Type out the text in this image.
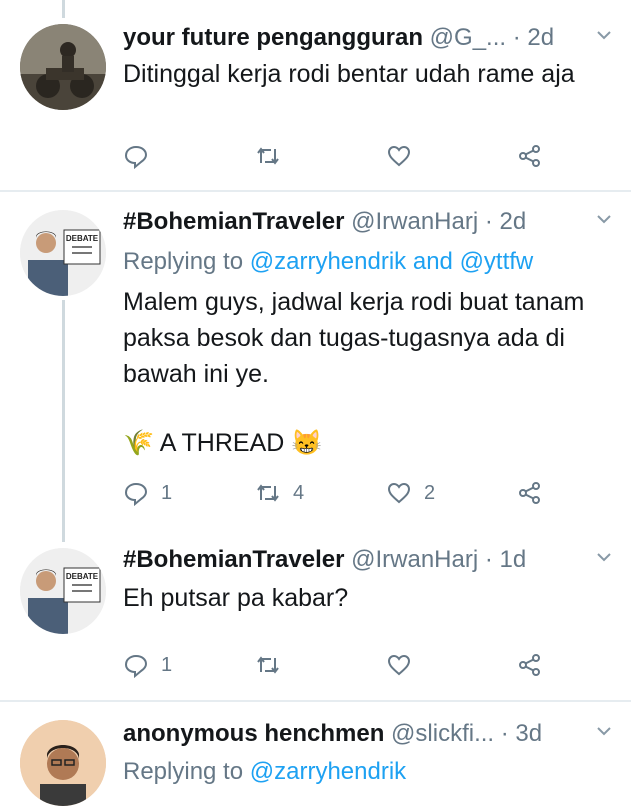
your future pengangguran @G_... · 2d
Ditinggal kerja rodi bentar udah rame aja
DEBATE
#BohemianTraveler @IrwanHarj · 2d
Replying to @zarryhendrik and @yttfw
Malem guys, jadwal kerja rodi buat tanam paksa besok dan tugas-tugasnya ada di bawah ini ye.
🌾 A THREAD 😸
1	4	2
DEBATE
#BohemianTraveler @IrwanHarj · 1d
Eh putsar pa kabar?
1
anonymous henchmen @slickfi... · 3d
Replying to @zarryhendrik
